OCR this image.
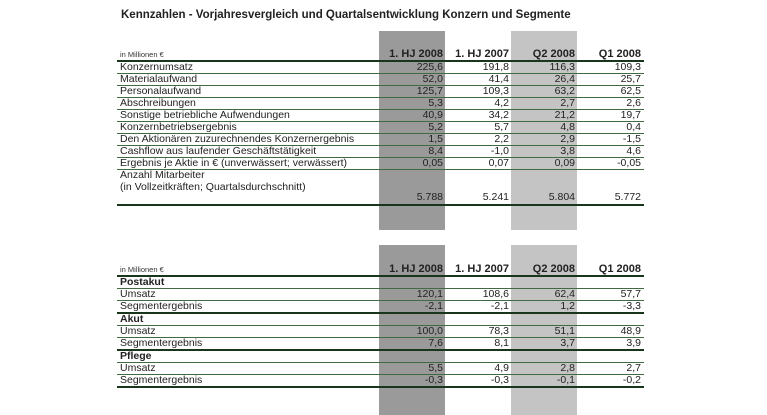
Kennzahlen - Vorjahresvergleich und Quartalsentwicklung Konzern und Segmente
in Millionen €	1. HJ 2008	1. HJ 2007	Q2 2008	Q1 2008
Konzernumsatz	225,6	191,8	116,3	109,3
Materialaufwand	52,0	41,4	26,4	25,7
Personalaufwand	125,7	109,3	63,2	62,5
Abschreibungen	5,3	4,2	2,7	2,6
Sonstige betriebliche Aufwendungen	40,9	34,2	21,2	19,7
Konzernbetriebsergebnis	5,2	5,7	4,8	0,4
Den Aktionären zuzurechnendes Konzernergebnis	1,5	2,2	2,9	-1,5
Cashflow aus laufender Geschäftstätigkeit	8,4	-1,0	3,8	4,6
Ergebnis je Aktie in € (unverwässert; verwässert)	0,05	0,07	0,09	-0,05
Anzahl Mitarbeiter
(in Vollzeitkräften; Quartalsdurchschnitt)
5.788	5.241	5.804	5.772
in Millionen €	1. HJ 2008	1. HJ 2007	Q2 2008	Q1 2008
Postakut
Umsatz	120,1	108,6	62,4	57,7
Segmentergebnis	-2,1	-2,1	1,2	-3,3
Akut
Umsatz	100,0	78,3	51,1	48,9
Segmentergebnis	7,6	8,1	3,7	3,9
Pflege
Umsatz	5,5	4,9	2,8	2,7
Segmentergebnis	-0,3	-0,3	-0,1	-0,2
